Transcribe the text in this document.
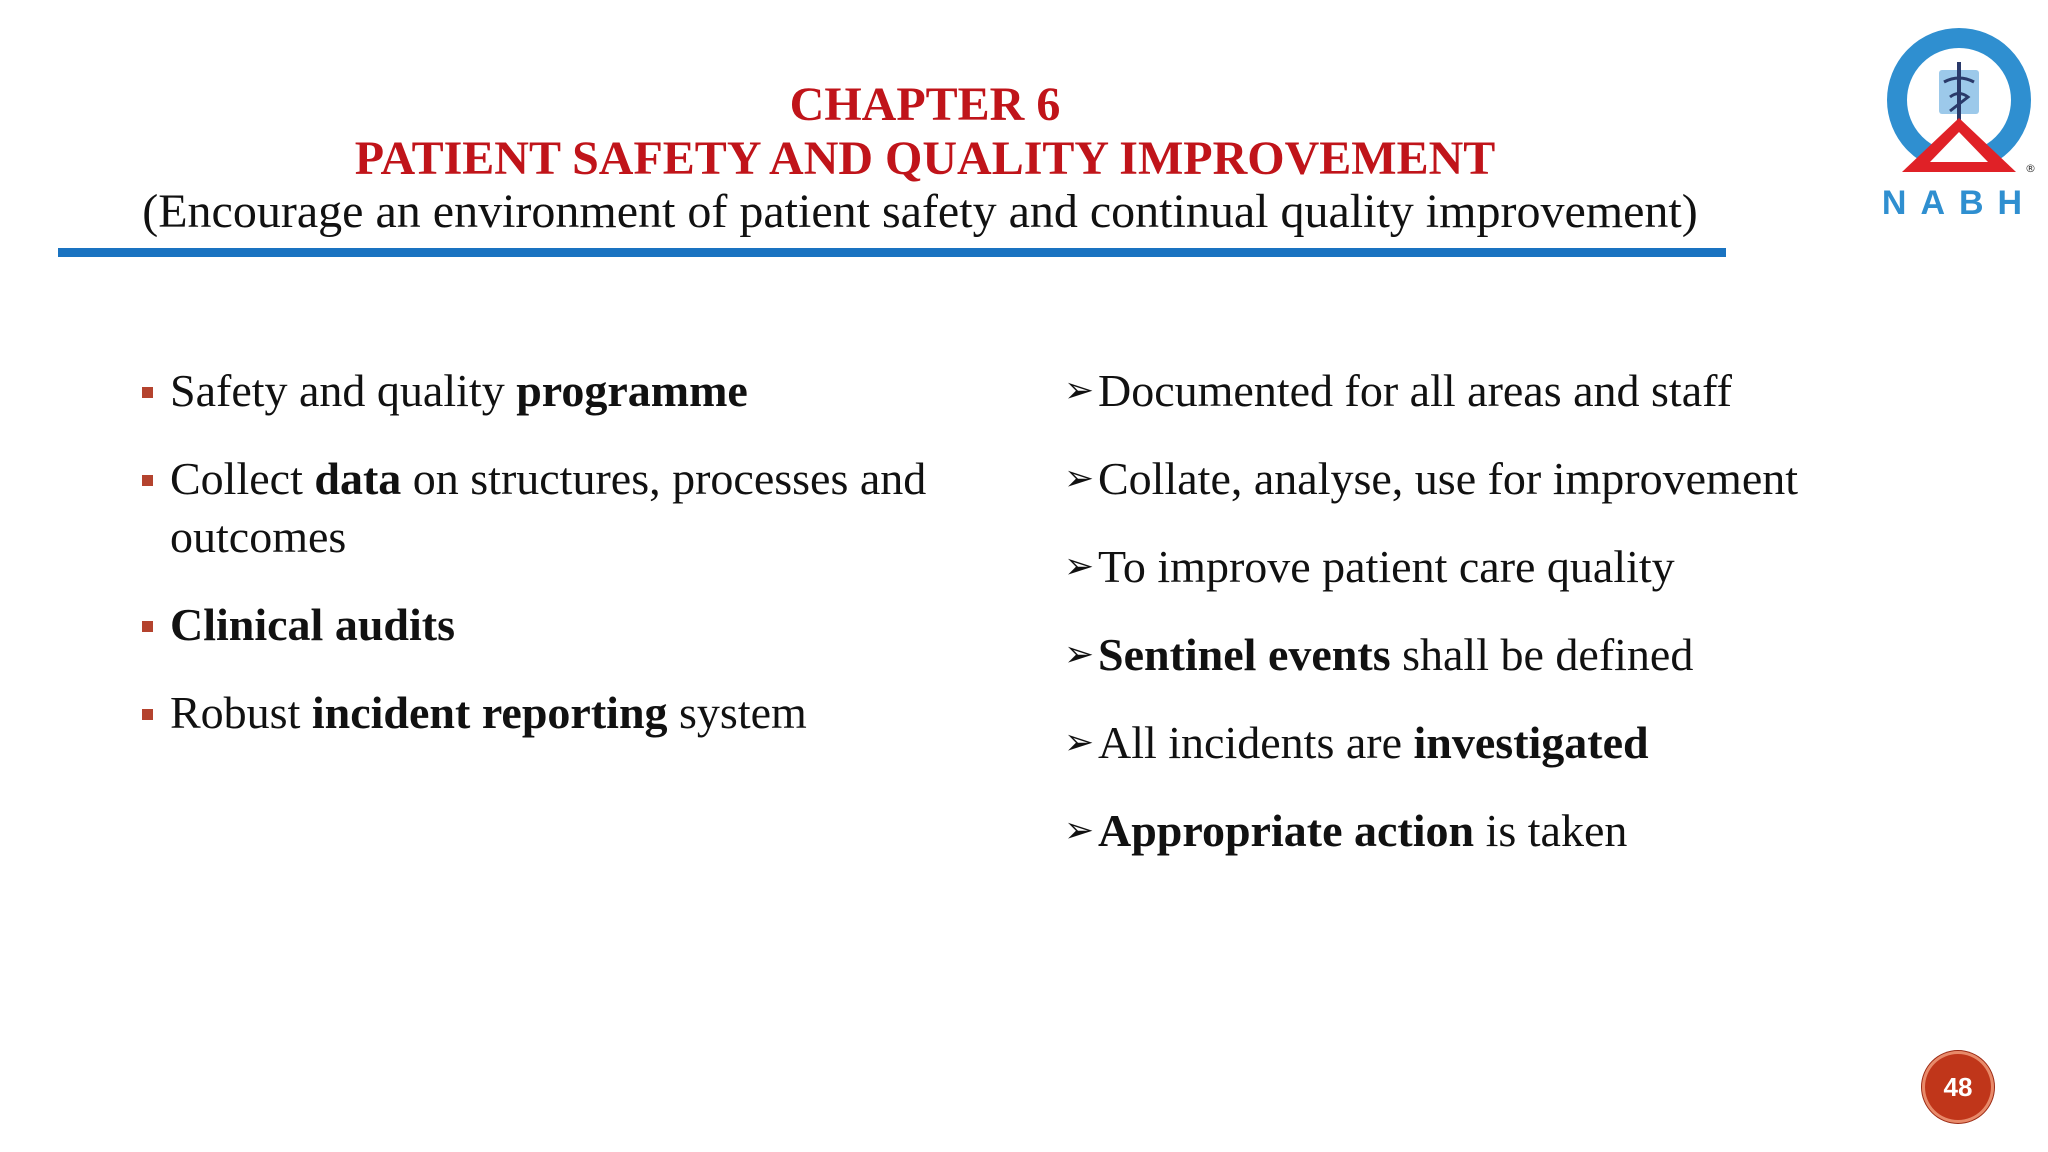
CHAPTER 6
PATIENT SAFETY AND QUALITY IMPROVEMENT
(Encourage an environment of patient safety and continual quality improvement)
®
NABH
Safety and quality programme
Collect data on structures, processes and outcomes
Clinical audits
Robust incident reporting system
➢ Documented for all areas and staff
➢ Collate, analyse, use for improvement
➢ To improve patient care quality
➢ Sentinel events shall be defined
➢ All incidents are investigated
➢ Appropriate action is taken
48
